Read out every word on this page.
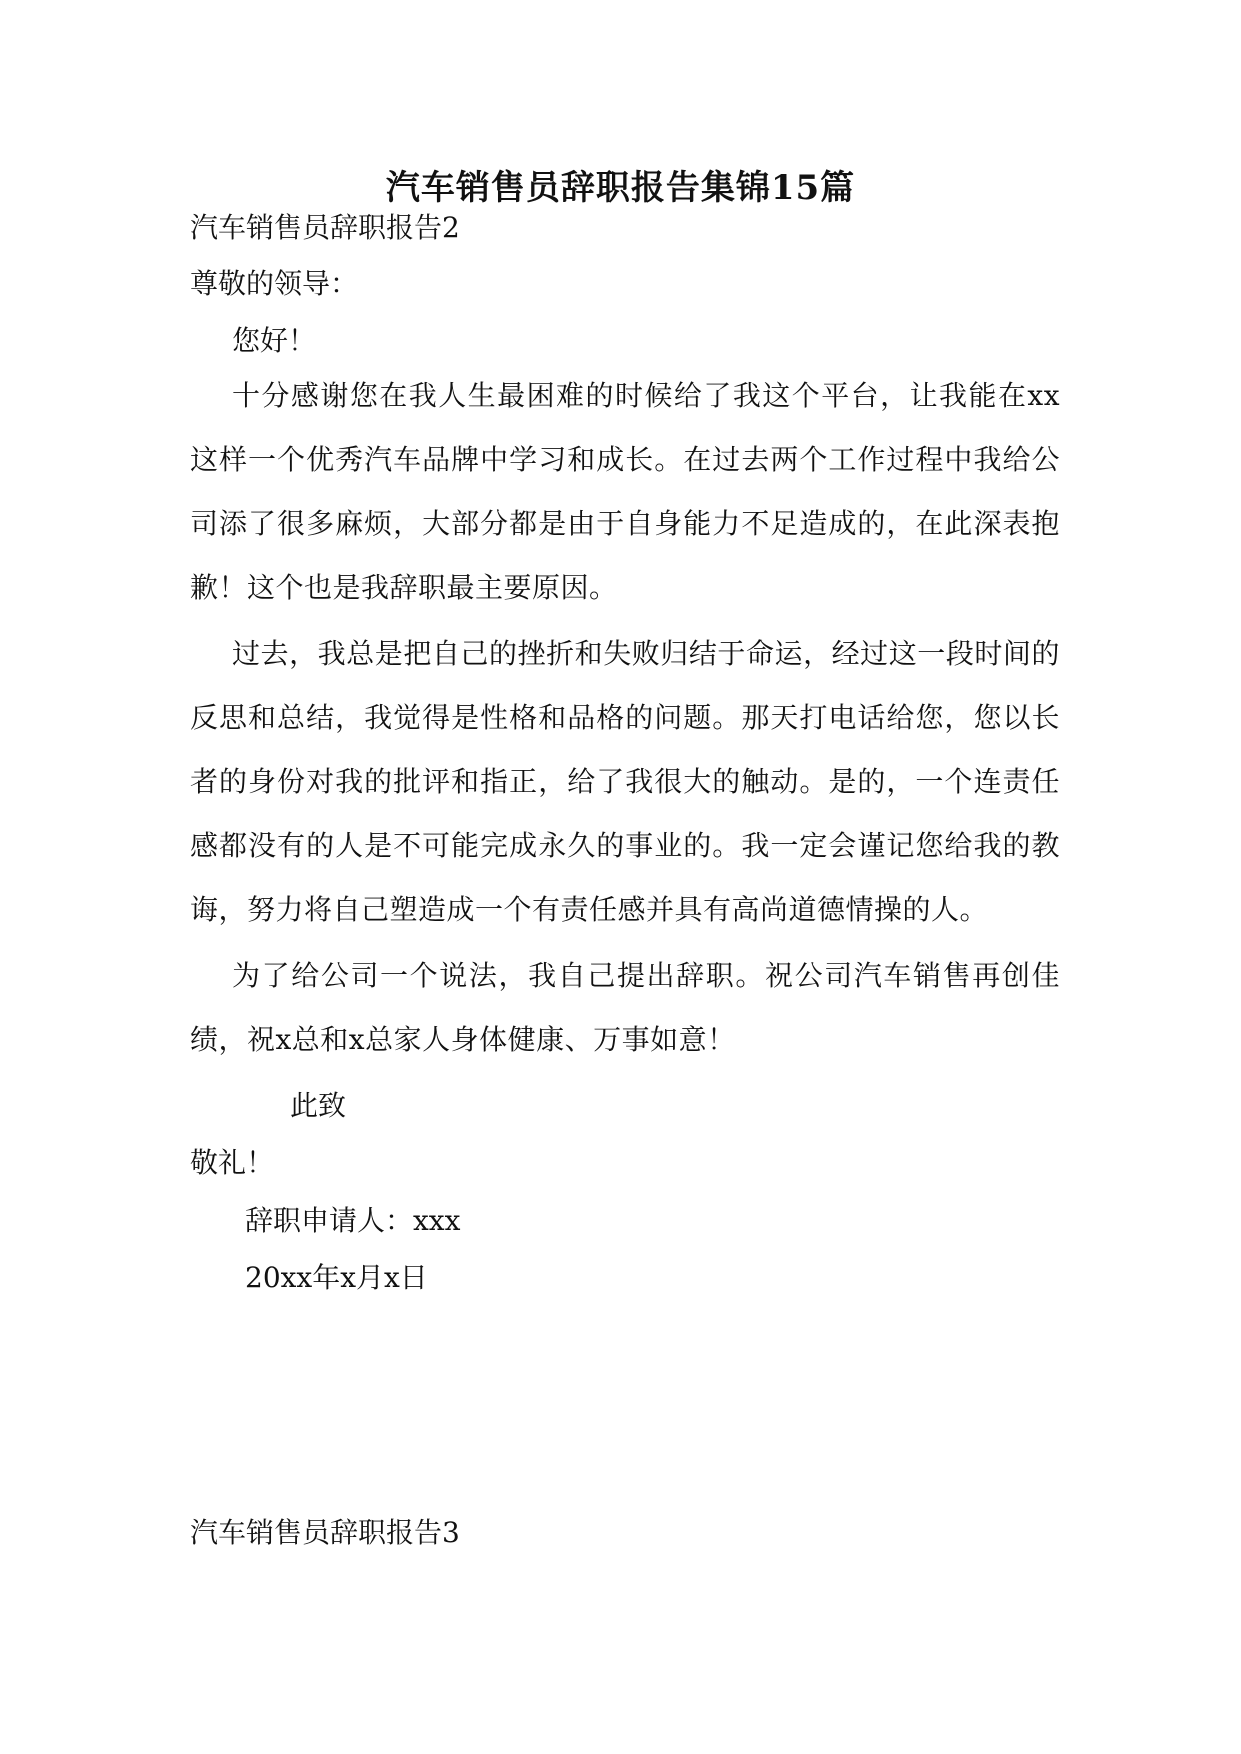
汽车销售员辞职报告集锦15篇
汽车销售员辞职报告2
尊敬的领导：
您好！
十分感谢您在我人生最困难的时候给了我这个平台，让我能在xx这样一个优秀汽车品牌中学习和成长。在过去两个工作过程中我给公司添了很多麻烦，大部分都是由于自身能力不足造成的，在此深表抱歉！这个也是我辞职最主要原因。
过去，我总是把自己的挫折和失败归结于命运，经过这一段时间的反思和总结，我觉得是性格和品格的问题。那天打电话给您，您以长者的身份对我的批评和指正，给了我很大的触动。是的，一个连责任感都没有的人是不可能完成永久的事业的。我一定会谨记您给我的教诲，努力将自己塑造成一个有责任感并具有高尚道德情操的人。
为了给公司一个说法，我自己提出辞职。祝公司汽车销售再创佳绩，祝x总和x总家人身体健康、万事如意！
此致
敬礼！
辞职申请人：xxx
20xx年x月x日
汽车销售员辞职报告3
